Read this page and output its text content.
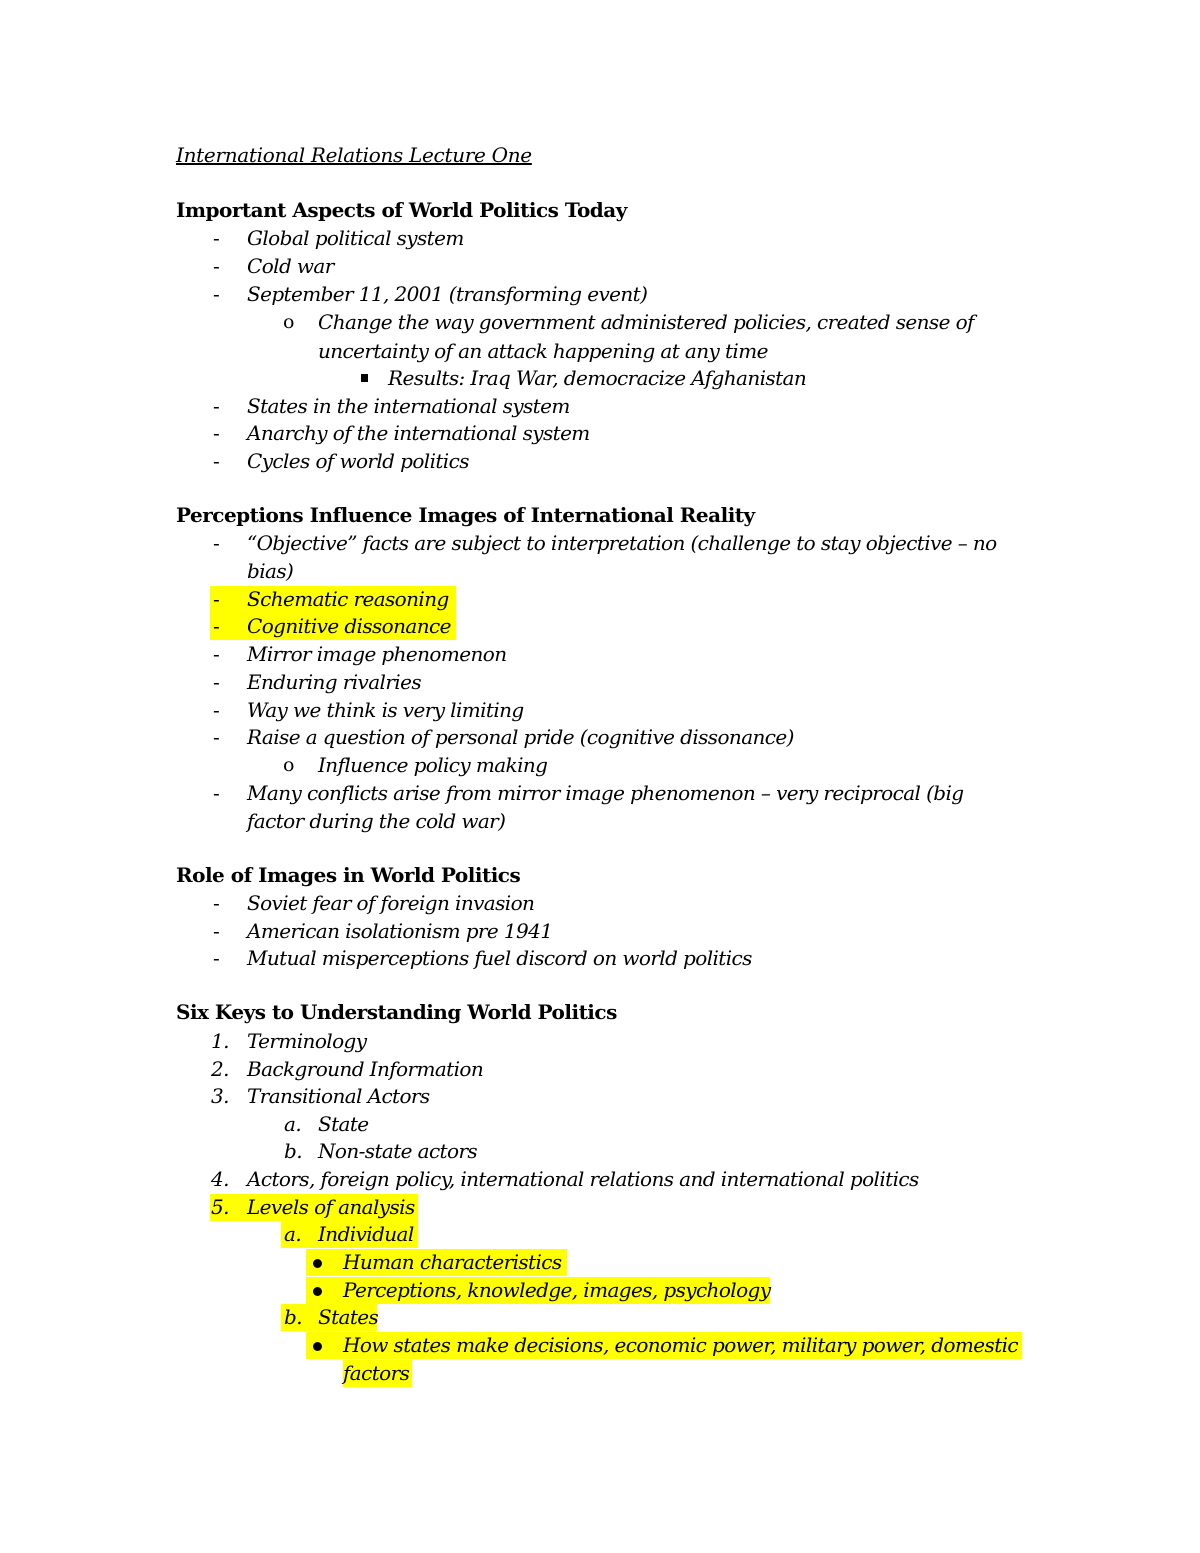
International Relations Lecture One
Important Aspects of World Politics Today
- Global political system
- Cold war
- September 11, 2001 (transforming event)
o Change the way government administered policies, created sense of
uncertainty of an attack happening at any time
Results: Iraq War, democracize Afghanistan
- States in the international system
- Anarchy of the international system
- Cycles of world politics
Perceptions Influence Images of International Reality
- “Objective” facts are subject to interpretation (challenge to stay objective – no
bias)
- Schematic reasoning
- Cognitive dissonance
- Mirror image phenomenon
- Enduring rivalries
- Way we think is very limiting
- Raise a question of personal pride (cognitive dissonance)
o Influence policy making
- Many conflicts arise from mirror image phenomenon – very reciprocal (big
factor during the cold war)
Role of Images in World Politics
- Soviet fear of foreign invasion
- American isolationism pre 1941
- Mutual misperceptions fuel discord on world politics
Six Keys to Understanding World Politics
1. Terminology
2. Background Information
3. Transitional Actors
a. State
b. Non-state actors
4. Actors, foreign policy, international relations and international politics
5. Levels of analysis
a. Individual
Human characteristics
Perceptions, knowledge, images, psychology
b. States
How states make decisions, economic power, military power, domestic
factors
